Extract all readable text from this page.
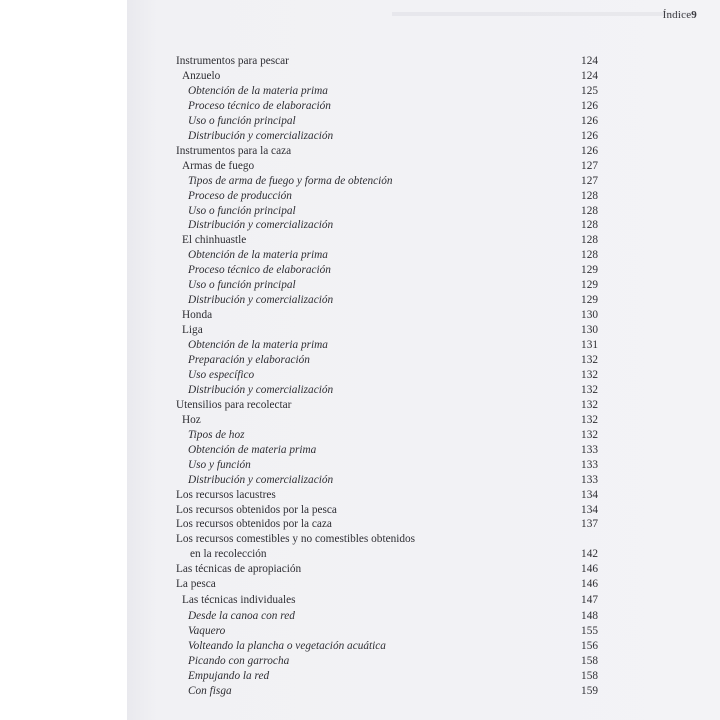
Índice9
Instrumentos para pescar	124
Anzuelo	124
Obtención de la materia prima	125
Proceso técnico de elaboración	126
Uso o función principal	126
Distribución y comercialización	126
Instrumentos para la caza	126
Armas de fuego	127
Tipos de arma de fuego y forma de obtención	127
Proceso de producción	128
Uso o función principal	128
Distribución y comercialización	128
El chinhuastle	128
Obtención de la materia prima	128
Proceso técnico de elaboración	129
Uso o función principal	129
Distribución y comercialización	129
Honda	130
Liga	130
Obtención de la materia prima	131
Preparación y elaboración	132
Uso específico	132
Distribución y comercialización	132
Utensilios para recolectar	132
Hoz	132
Tipos de hoz	132
Obtención de materia prima	133
Uso y función	133
Distribución y comercialización	133
Los recursos lacustres	134
Los recursos obtenidos por la pesca	134
Los recursos obtenidos por la caza	137
Los recursos comestibles y no comestibles obtenidos
en la recolección	142
Las técnicas de apropiación	146
La pesca	146
Las técnicas individuales	147
Desde la canoa con red	148
Vaquero	155
Volteando la plancha o vegetación acuática	156
Picando con garrocha	158
Empujando la red	158
Con fisga	159
